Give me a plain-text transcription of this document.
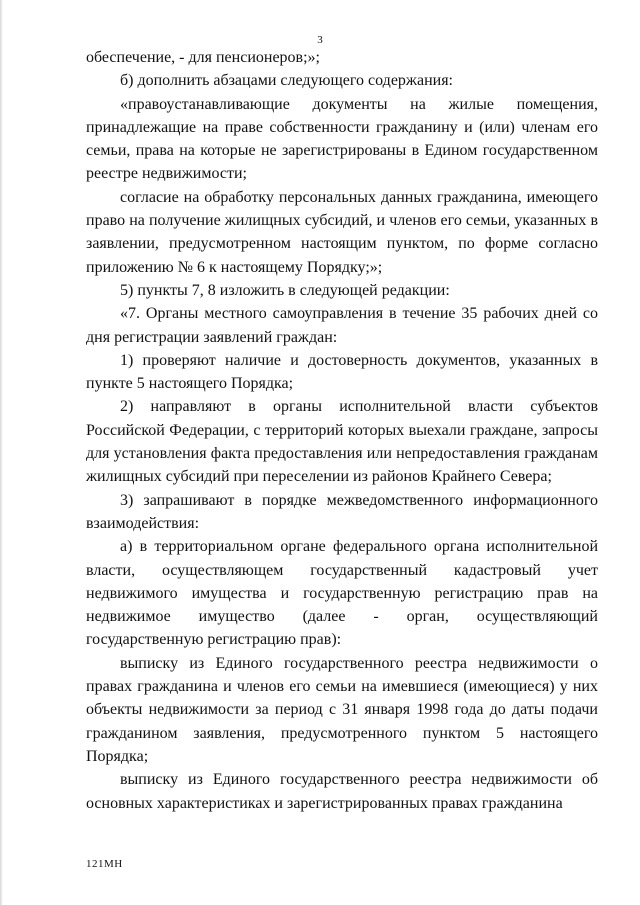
3

обеспечение, - для пенсионеров;»;

б) дополнить абзацами следующего содержания:

«правоустанавливающие документы на жилые помещения, принадлежащие на праве собственности гражданину и (или) членам его семьи, права на которые не зарегистрированы в Едином государственном реестре недвижимости;

согласие на обработку персональных данных гражданина, имеющего право на получение жилищных субсидий, и членов его семьи, указанных в заявлении, предусмотренном настоящим пунктом, по форме согласно приложению № 6 к настоящему Порядку;»;

5) пункты 7, 8 изложить в следующей редакции:

«7. Органы местного самоуправления в течение 35 рабочих дней со дня регистрации заявлений граждан:

1) проверяют наличие и достоверность документов, указанных в пункте 5 настоящего Порядка;

2) направляют в органы исполнительной власти субъектов Российской Федерации, с территорий которых выехали граждане, запросы для установления факта предоставления или непредоставления гражданам жилищных субсидий при переселении из районов Крайнего Севера;

3) запрашивают в порядке межведомственного информационного взаимодействия:

а) в территориальном органе федерального органа исполнительной власти, осуществляющем государственный кадастровый учет недвижимого имущества и государственную регистрацию прав на недвижимое имущество (далее - орган, осуществляющий государственную регистрацию прав):

выписку из Единого государственного реестра недвижимости о правах гражданина и членов его семьи на имевшиеся (имеющиеся) у них объекты недвижимости за период с 31 января 1998 года до даты подачи гражданином заявления, предусмотренного пунктом 5 настоящего Порядка;

выписку из Единого государственного реестра недвижимости об основных характеристиках и зарегистрированных правах гражданина

121МН
